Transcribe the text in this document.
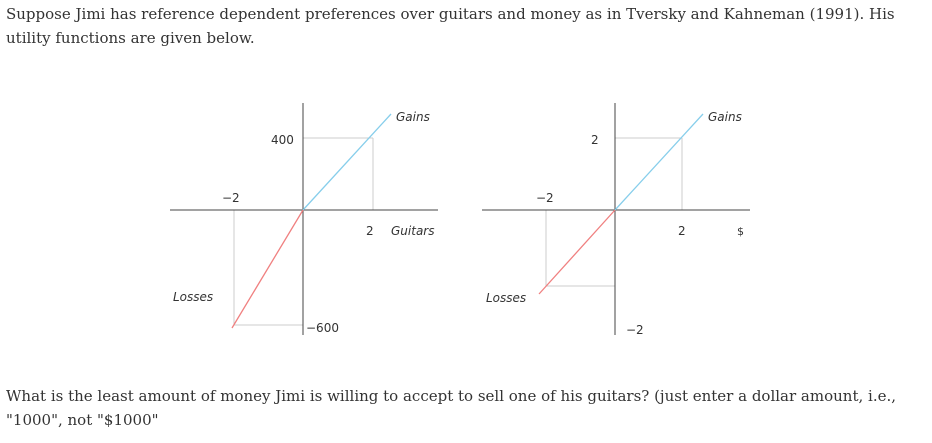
Suppose Jimi has reference dependent preferences over guitars and money as in Tversky and Kahneman (1991). His utility functions are given below.

Gains
Losses
Guitars
2
−2
400
−600
Gains
Losses
$
2
−2
2
−2

What is the least amount of money Jimi is willing to accept to sell one of his guitars? (just enter a dollar amount, i.e., "1000", not "$1000"
